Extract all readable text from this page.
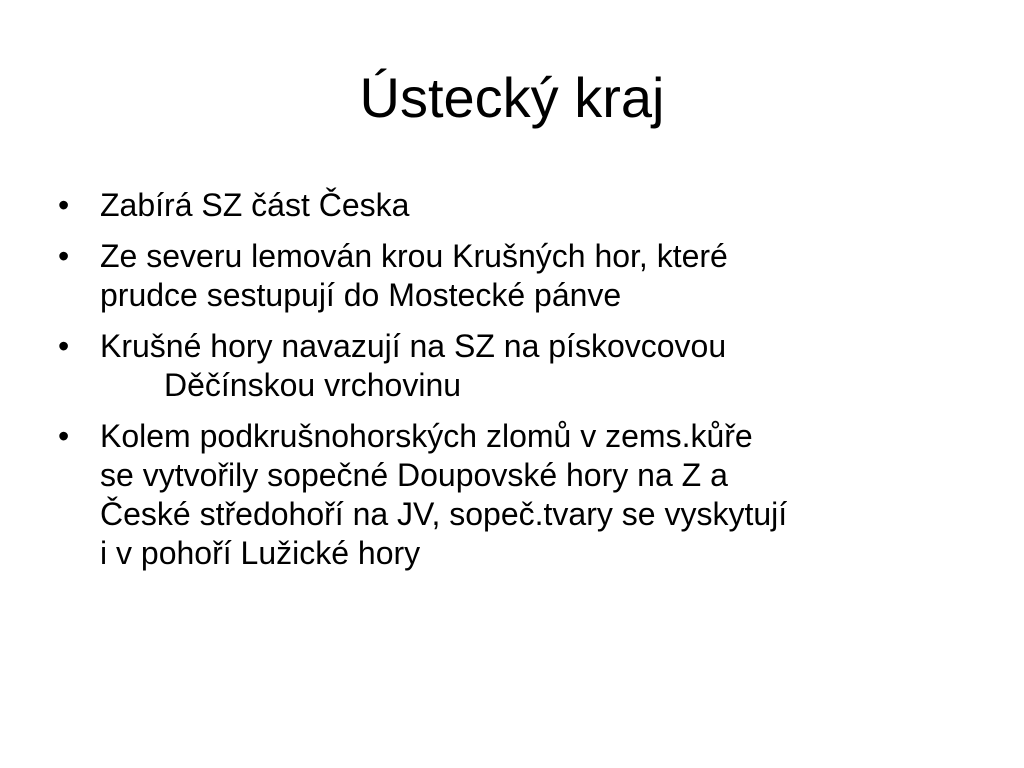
Ústecký kraj
• Zabírá SZ část Česka
• Ze severu lemován krou Krušných hor, které
prudce sestupují do Mostecké pánve
• Krušné hory navazují na SZ na pískovcovou
Děčínskou vrchovinu
• Kolem podkrušnohorských zlomů v zems.kůře
se vytvořily sopečné Doupovské hory na Z a
České středohoří na JV, sopeč.tvary se vyskytují
i v pohoří Lužické hory
